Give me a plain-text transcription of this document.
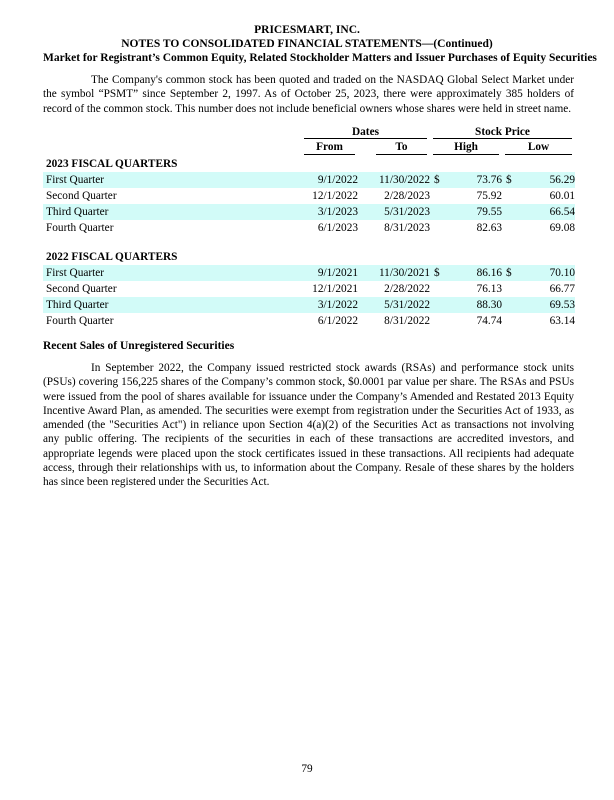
PRICESMART, INC.
NOTES TO CONSOLIDATED FINANCIAL STATEMENTS—(Continued)
Market for Registrant’s Common Equity, Related Stockholder Matters and Issuer Purchases of Equity Securities

The Company's common stock has been quoted and traded on the NASDAQ Global Select Market under the symbol “PSMT” since September 2, 1997. As of October 25, 2023, there were approximately 385 holders of record of the common stock. This number does not include beneficial owners whose shares were held in street name.

	Dates			Stock Price			

	From		To	High		Low	

2023 FISCAL QUARTERS							
First Quarter	9/1/2022		11/30/2022	$	73.76	$	56.29
Second Quarter	12/1/2022		2/28/2023		75.92		60.01
Third Quarter	3/1/2023		5/31/2023		79.55		66.54
Fourth Quarter	6/1/2023		8/31/2023		82.63		69.08

2022 FISCAL QUARTERS							
First Quarter	9/1/2021		11/30/2021	$	86.16	$	70.10
Second Quarter	12/1/2021		2/28/2022		76.13		66.77
Third Quarter	3/1/2022		5/31/2022		88.30		69.53
Fourth Quarter	6/1/2022		8/31/2022		74.74		63.14
Recent Sales of Unregistered Securities

In September 2022, the Company issued restricted stock awards (RSAs) and performance stock units (PSUs) covering 156,225 shares of the Company’s common stock, $0.0001 par value per share. The RSAs and PSUs were issued from the pool of shares available for issuance under the Company’s Amended and Restated 2013 Equity Incentive Award Plan, as amended. The securities were exempt from registration under the Securities Act of 1933, as amended (the "Securities Act") in reliance upon Section 4(a)(2) of the Securities Act as transactions not involving any public offering. The recipients of the securities in each of these transactions are accredited investors, and appropriate legends were placed upon the stock certificates issued in these transactions. All recipients had adequate access, through their relationships with us, to information about the Company. Resale of these shares by the holders has since been registered under the Securities Act.

79
